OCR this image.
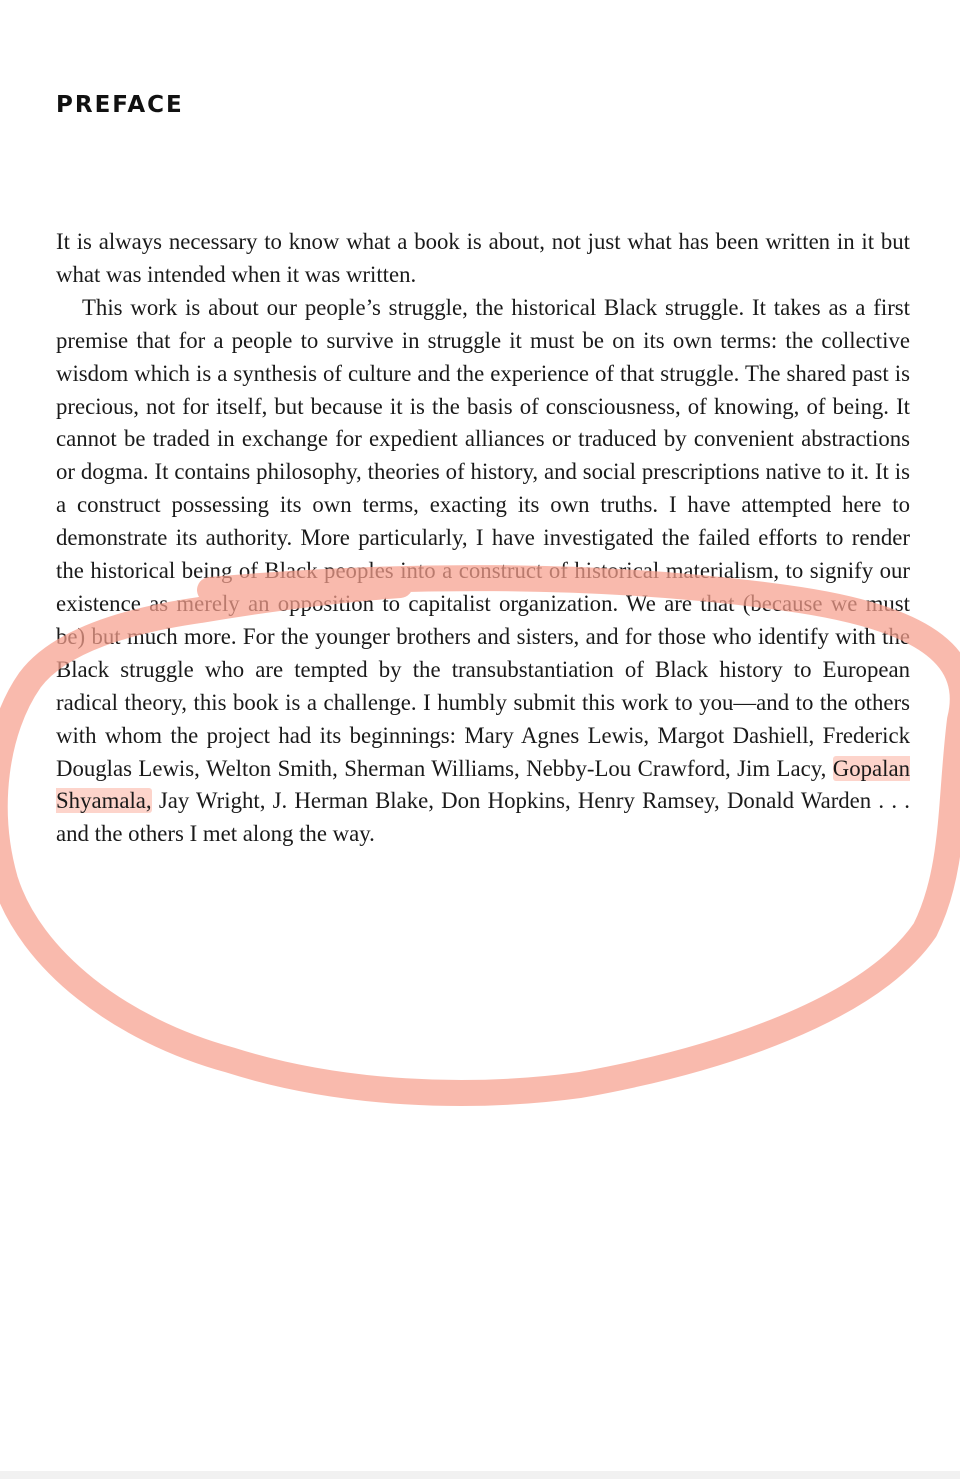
PREFACE

It is always necessary to know what a book is about, not just what has been written in it but what was intended when it was written.

This work is about our people’s struggle, the historical Black struggle. It takes as a first premise that for a people to survive in struggle it must be on its own terms: the collective wisdom which is a synthesis of culture and the experience of that struggle. The shared past is precious, not for itself, but because it is the basis of consciousness, of knowing, of being. It cannot be traded in exchange for expedient alliances or traduced by convenient abstractions or dogma. It contains philosophy, theories of history, and social prescriptions native to it. It is a construct possessing its own terms, exacting its own truths. I have attempted here to demonstrate its authority. More particularly, I have investigated the failed efforts to render the historical being of Black peoples into a construct of historical materialism, to signify our existence as merely an opposition to capitalist organization. We are that (because we must be) but much more. For the younger brothers and sisters, and for those who identify with the Black struggle who are tempted by the transubstantiation of Black history to European radical theory, this book is a challenge. I humbly submit this work to you—and to the others with whom the project had its beginnings: Mary Agnes Lewis, Margot Dashiell, Frederick Douglas Lewis, Welton Smith, Sherman Williams, Nebby-Lou Crawford, Jim Lacy, Gopalan Shyamala, Jay Wright, J. Herman Blake, Don Hopkins, Henry Ramsey, Donald Warden . . . and the others I met along the way.
